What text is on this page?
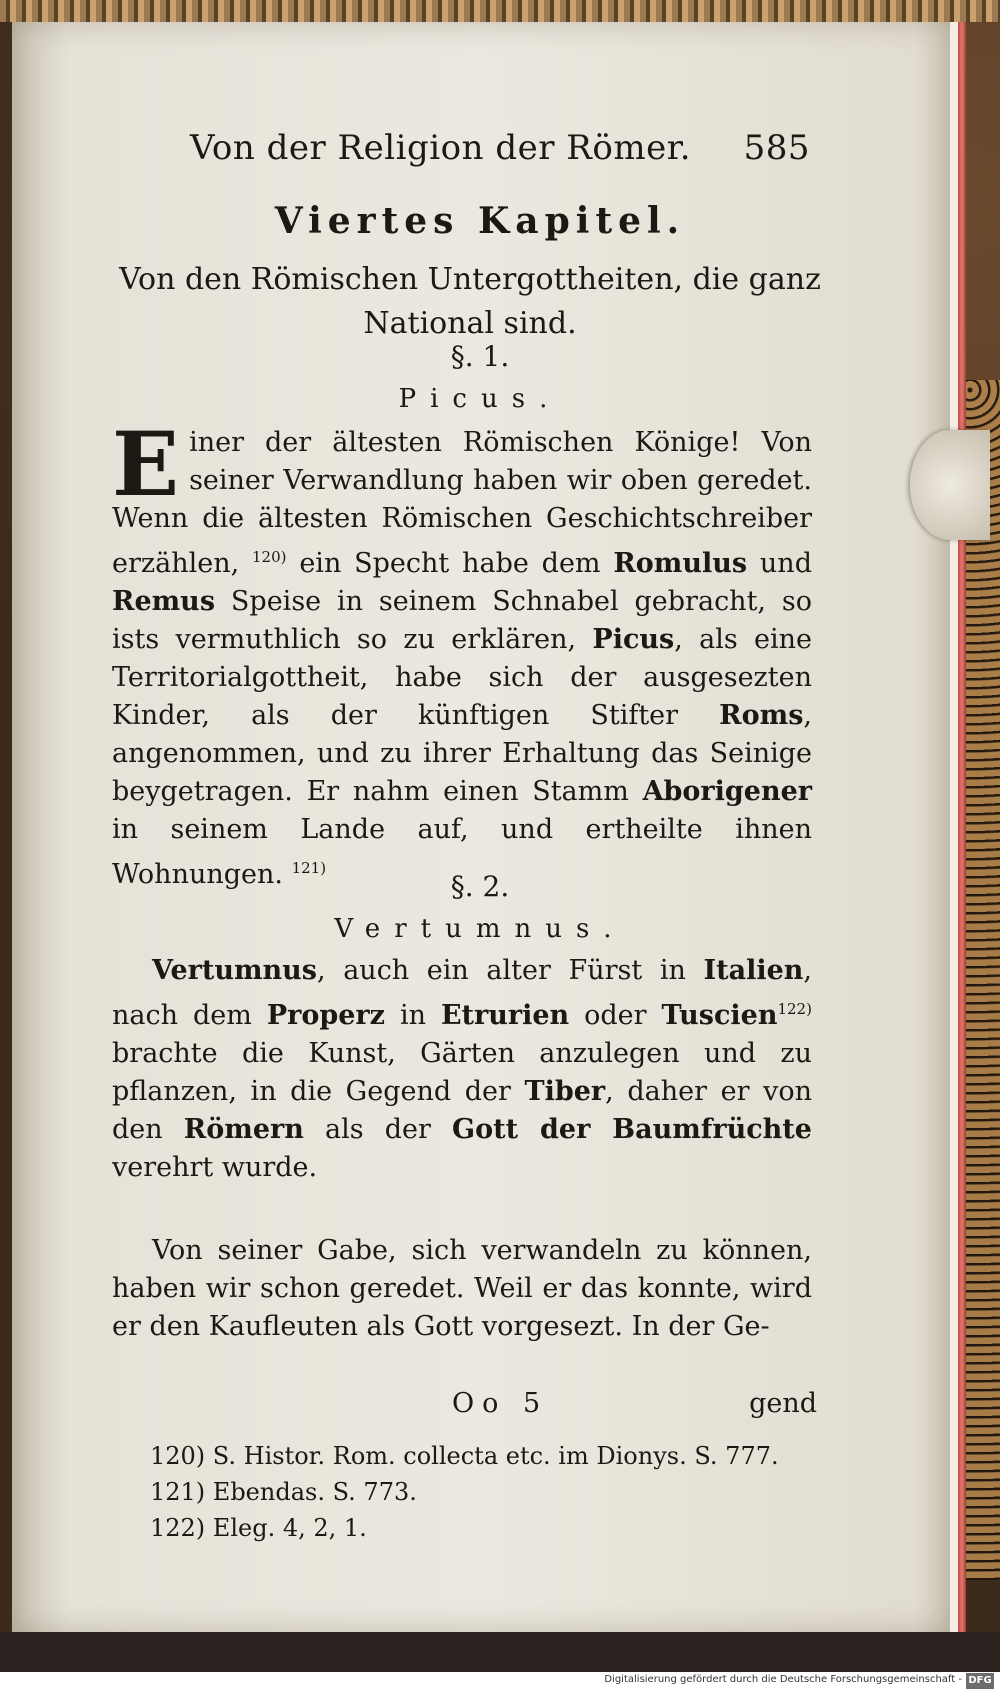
Von der Religion der Römer. 585
Viertes Kapitel.
Von den Römischen Untergottheiten, die ganz National sind.
§. 1.
Picus.
Einer der ältesten Römischen Könige! Von seiner Verwandlung haben wir oben geredet. Wenn die ältesten Römischen Geschichtschreiber erzählen, $^{120)}$ ein Specht habe dem Romulus und Remus Speise in seinem Schnabel gebracht, so ists vermuthlich so zu erklären, Picus, als eine Territorialgottheit, habe sich der ausgesezten Kinder, als der künftigen Stifter Roms, angenommen, und zu ihrer Erhaltung das Seinige beygetragen. Er nahm einen Stamm Aborigener in seinem Lande auf, und ertheilte ihnen Wohnungen. $^{121)}$
§. 2.
Vertumnus.
Vertumnus, auch ein alter Fürst in Italien, nach dem Properz in Etrurien oder Tuscien$^{122)}$ brachte die Kunst, Gärten anzulegen und zu pflanzen, in die Gegend der Tiber, daher er von den Römern als der Gott der Baumfrüchte verehrt wurde.
Von seiner Gabe, sich verwandeln zu können, haben wir schon geredet. Weil er das konnte, wird er den Kaufleuten als Gott vorgesezt. In der Ge-
Oo 5	gend
120) S. Histor. Rom. collecta etc. im Dionys. S. 777.
121) Ebendas. S. 773.
122) Eleg. 4, 2, 1.
Digitalisierung gefördert durch die Deutsche Forschungsgemeinschaft - DFG
